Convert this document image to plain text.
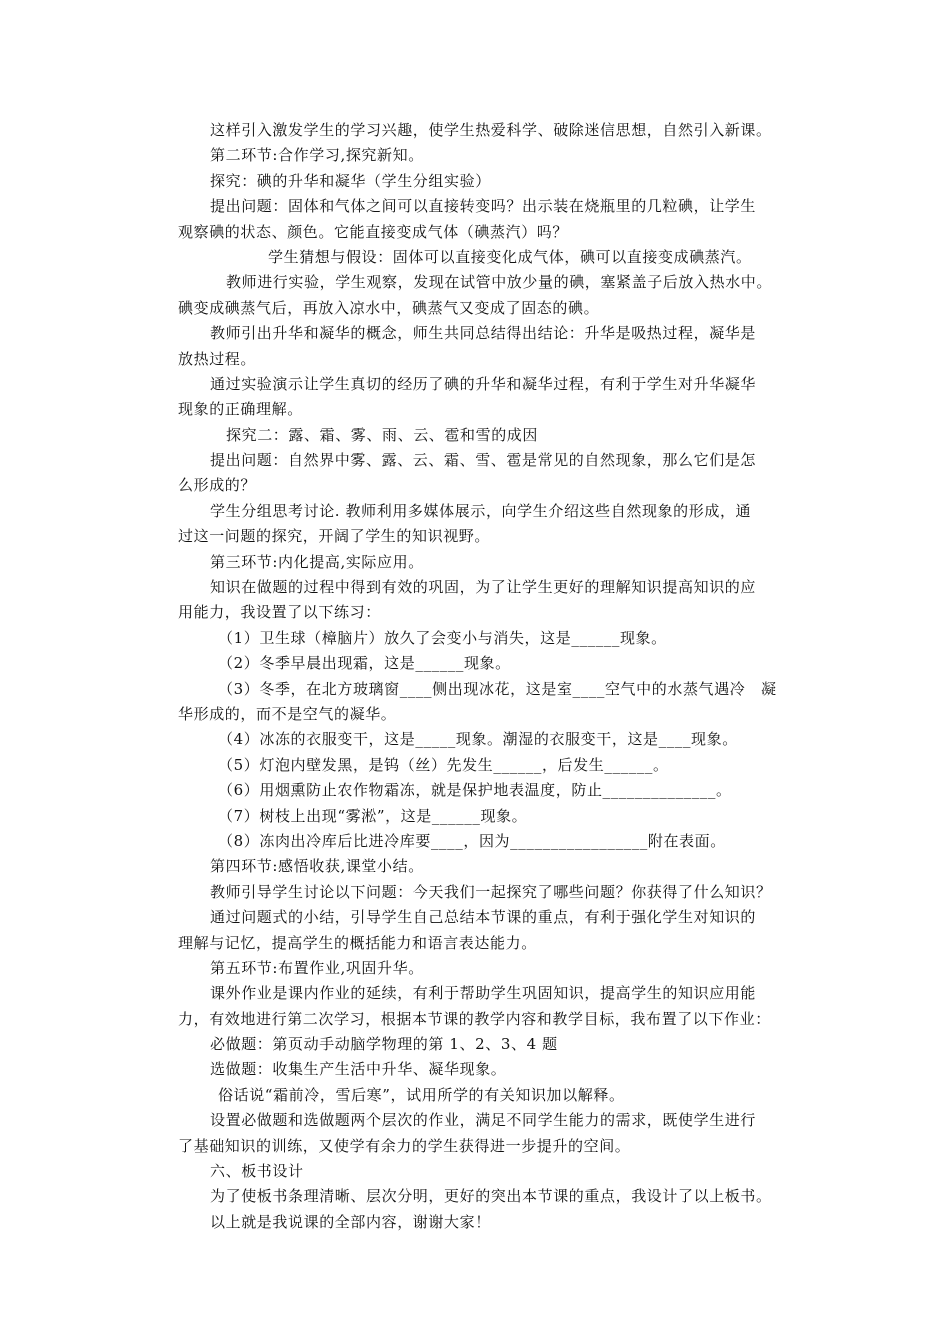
这样引入激发学生的学习兴趣，使学生热爱科学、破除迷信思想，自然引入新课。
第二环节:合作学习,探究新知。
探究：碘的升华和凝华（学生分组实验）
提出问题：固体和气体之间可以直接转变吗？出示装在烧瓶里的几粒碘，让学生
观察碘的状态、颜色。它能直接变成气体（碘蒸汽）吗？
学生猜想与假设：固体可以直接变化成气体，碘可以直接变成碘蒸汽。
教师进行实验，学生观察，发现在试管中放少量的碘，塞紧盖子后放入热水中。
碘变成碘蒸气后，再放入凉水中，碘蒸气又变成了固态的碘。
教师引出升华和凝华的概念，师生共同总结得出结论：升华是吸热过程，凝华是
放热过程。
通过实验演示让学生真切的经历了碘的升华和凝华过程，有利于学生对升华凝华
现象的正确理解。
探究二：露、霜、雾、雨、云、雹和雪的成因
提出问题：自然界中雾、露、云、霜、雪、雹是常见的自然现象，那么它们是怎
么形成的？
学生分组思考讨论. 教师利用多媒体展示，向学生介绍这些自然现象的形成，通
过这一问题的探究，开阔了学生的知识视野。
第三环节:内化提高,实际应用。
知识在做题的过程中得到有效的巩固，为了让学生更好的理解知识提高知识的应
用能力，我设置了以下练习：
（1）卫生球（樟脑片）放久了会变小与消失，这是______现象。
（2）冬季早晨出现霜，这是______现象。
（3）冬季，在北方玻璃窗____侧出现冰花，这是室____空气中的水蒸气遇冷　凝
华形成的，而不是空气的凝华。
（4）冰冻的衣服变干，这是_____现象。潮湿的衣服变干，这是____现象。
（5）灯泡内壁发黑，是钨（丝）先发生______，后发生______。
（6）用烟熏防止农作物霜冻，就是保护地表温度，防止______________。
（7）树枝上出现“雾淞”，这是______现象。
（8）冻肉出冷库后比进冷库要____，因为_________________附在表面。
第四环节:感悟收获,课堂小结。
教师引导学生讨论以下问题：今天我们一起探究了哪些问题？你获得了什么知识？
通过问题式的小结，引导学生自己总结本节课的重点，有利于强化学生对知识的
理解与记忆，提高学生的概括能力和语言表达能力。
第五环节:布置作业,巩固升华。
课外作业是课内作业的延续，有利于帮助学生巩固知识，提高学生的知识应用能
力，有效地进行第二次学习，根据本节课的教学内容和教学目标，我布置了以下作业：
必做题：第页动手动脑学物理的第 1、2、3、4 题
选做题：收集生产生活中升华、凝华现象。
俗话说“霜前冷，雪后寒”，试用所学的有关知识加以解释。
设置必做题和选做题两个层次的作业，满足不同学生能力的需求，既使学生进行
了基础知识的训练，又使学有余力的学生获得进一步提升的空间。
六、板书设计
为了使板书条理清晰、层次分明，更好的突出本节课的重点，我设计了以上板书。
以上就是我说课的全部内容，谢谢大家！
